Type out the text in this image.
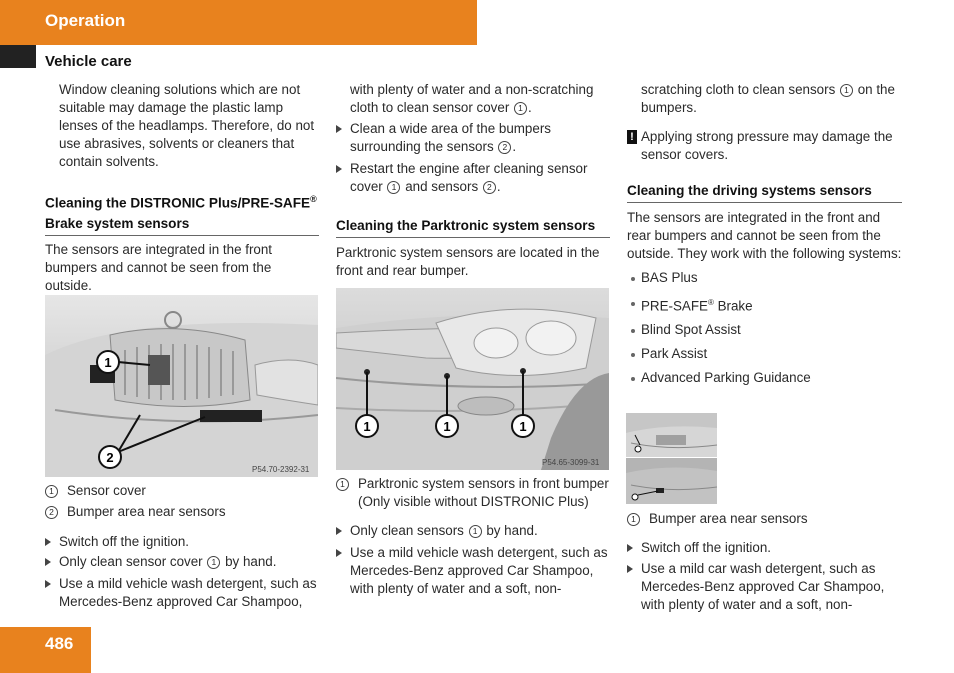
Operation
Vehicle care

Window cleaning solutions which are not suitable may damage the plastic lamp lenses of the headlamps. Therefore, do not use abrasives, solvents or cleaners that contain solvents.

Cleaning the DISTRONIC Plus/PRE-SAFE® Brake system sensors

The sensors are integrated in the front bumpers and cannot be seen from the outside.

1
2
P54.70-2392-31

1 Sensor cover

2 Bumper area near sensors

Switch off the ignition.

Only clean sensor cover 1 by hand.

Use a mild vehicle wash detergent, such as Mercedes-Benz approved Car Shampoo,

with plenty of water and a non-scratching cloth to clean sensor cover 1 .

Clean a wide area of the bumpers surrounding the sensors 2 .

Restart the engine after cleaning sensor cover 1 and sensors 2 .

Cleaning the Parktronic system sensors

Parktronic system sensors are located in the front and rear bumper.

1	1	1
P54.65-3099-31

1 Parktronic system sensors in front bumper (Only visible without DISTRONIC Plus)

Only clean sensors 1 by hand.

Use a mild vehicle wash detergent, such as Mercedes-Benz approved Car Shampoo, with plenty of water and a soft, non-

scratching cloth to clean sensors 1 on the bumpers.

! Applying strong pressure may damage the sensor covers.

Cleaning the driving systems sensors

The sensors are integrated in the front and rear bumpers and cannot be seen from the outside. They work with the following systems:

BAS Plus

PRE-SAFE® Brake

Blind Spot Assist

Park Assist

Advanced Parking Guidance

1 Bumper area near sensors

Switch off the ignition.

Use a mild car wash detergent, such as Mercedes-Benz approved Car Shampoo, with plenty of water and a soft, non-

486
